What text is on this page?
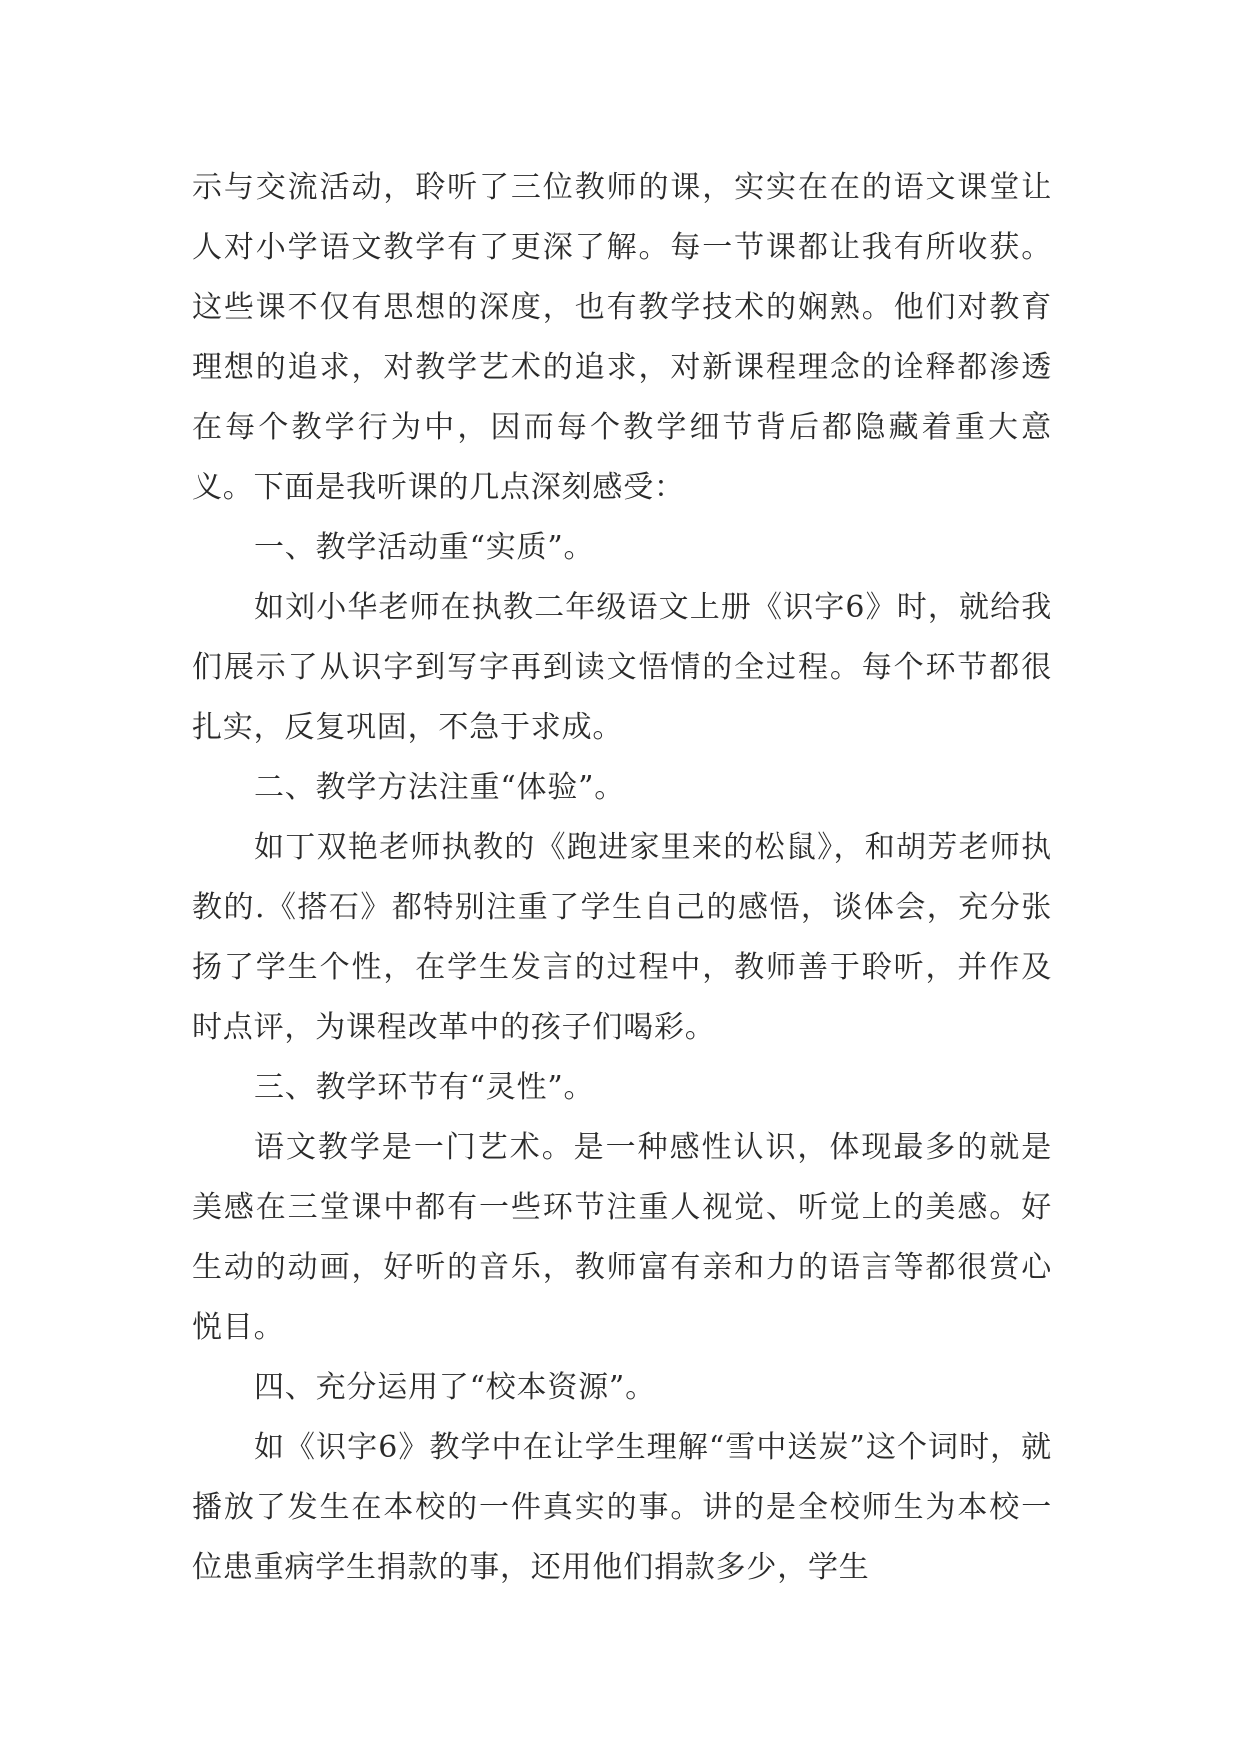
示与交流活动，聆听了三位教师的课，实实在在的语文课堂让人对小学语文教学有了更深了解。每一节课都让我有所收获。这些课不仅有思想的深度，也有教学技术的娴熟。他们对教育理想的追求，对教学艺术的追求，对新课程理念的诠释都渗透在每个教学行为中，因而每个教学细节背后都隐藏着重大意义。下面是我听课的几点深刻感受：

一、教学活动重“实质”。

如刘小华老师在执教二年级语文上册《识字6》时，就给我们展示了从识字到写字再到读文悟情的全过程。每个环节都很扎实，反复巩固，不急于求成。

二、教学方法注重“体验”。

如丁双艳老师执教的《跑进家里来的松鼠》，和胡芳老师执教的.《搭石》都特别注重了学生自己的感悟，谈体会，充分张扬了学生个性，在学生发言的过程中，教师善于聆听，并作及时点评，为课程改革中的孩子们喝彩。

三、教学环节有“灵性”。

语文教学是一门艺术。是一种感性认识，体现最多的就是美感在三堂课中都有一些环节注重人视觉、听觉上的美感。好生动的动画，好听的音乐，教师富有亲和力的语言等都很赏心悦目。

四、充分运用了“校本资源”。

如《识字6》教学中在让学生理解“雪中送炭”这个词时，就播放了发生在本校的一件真实的事。讲的是全校师生为本校一位患重病学生捐款的事，还用他们捐款多少，学生
